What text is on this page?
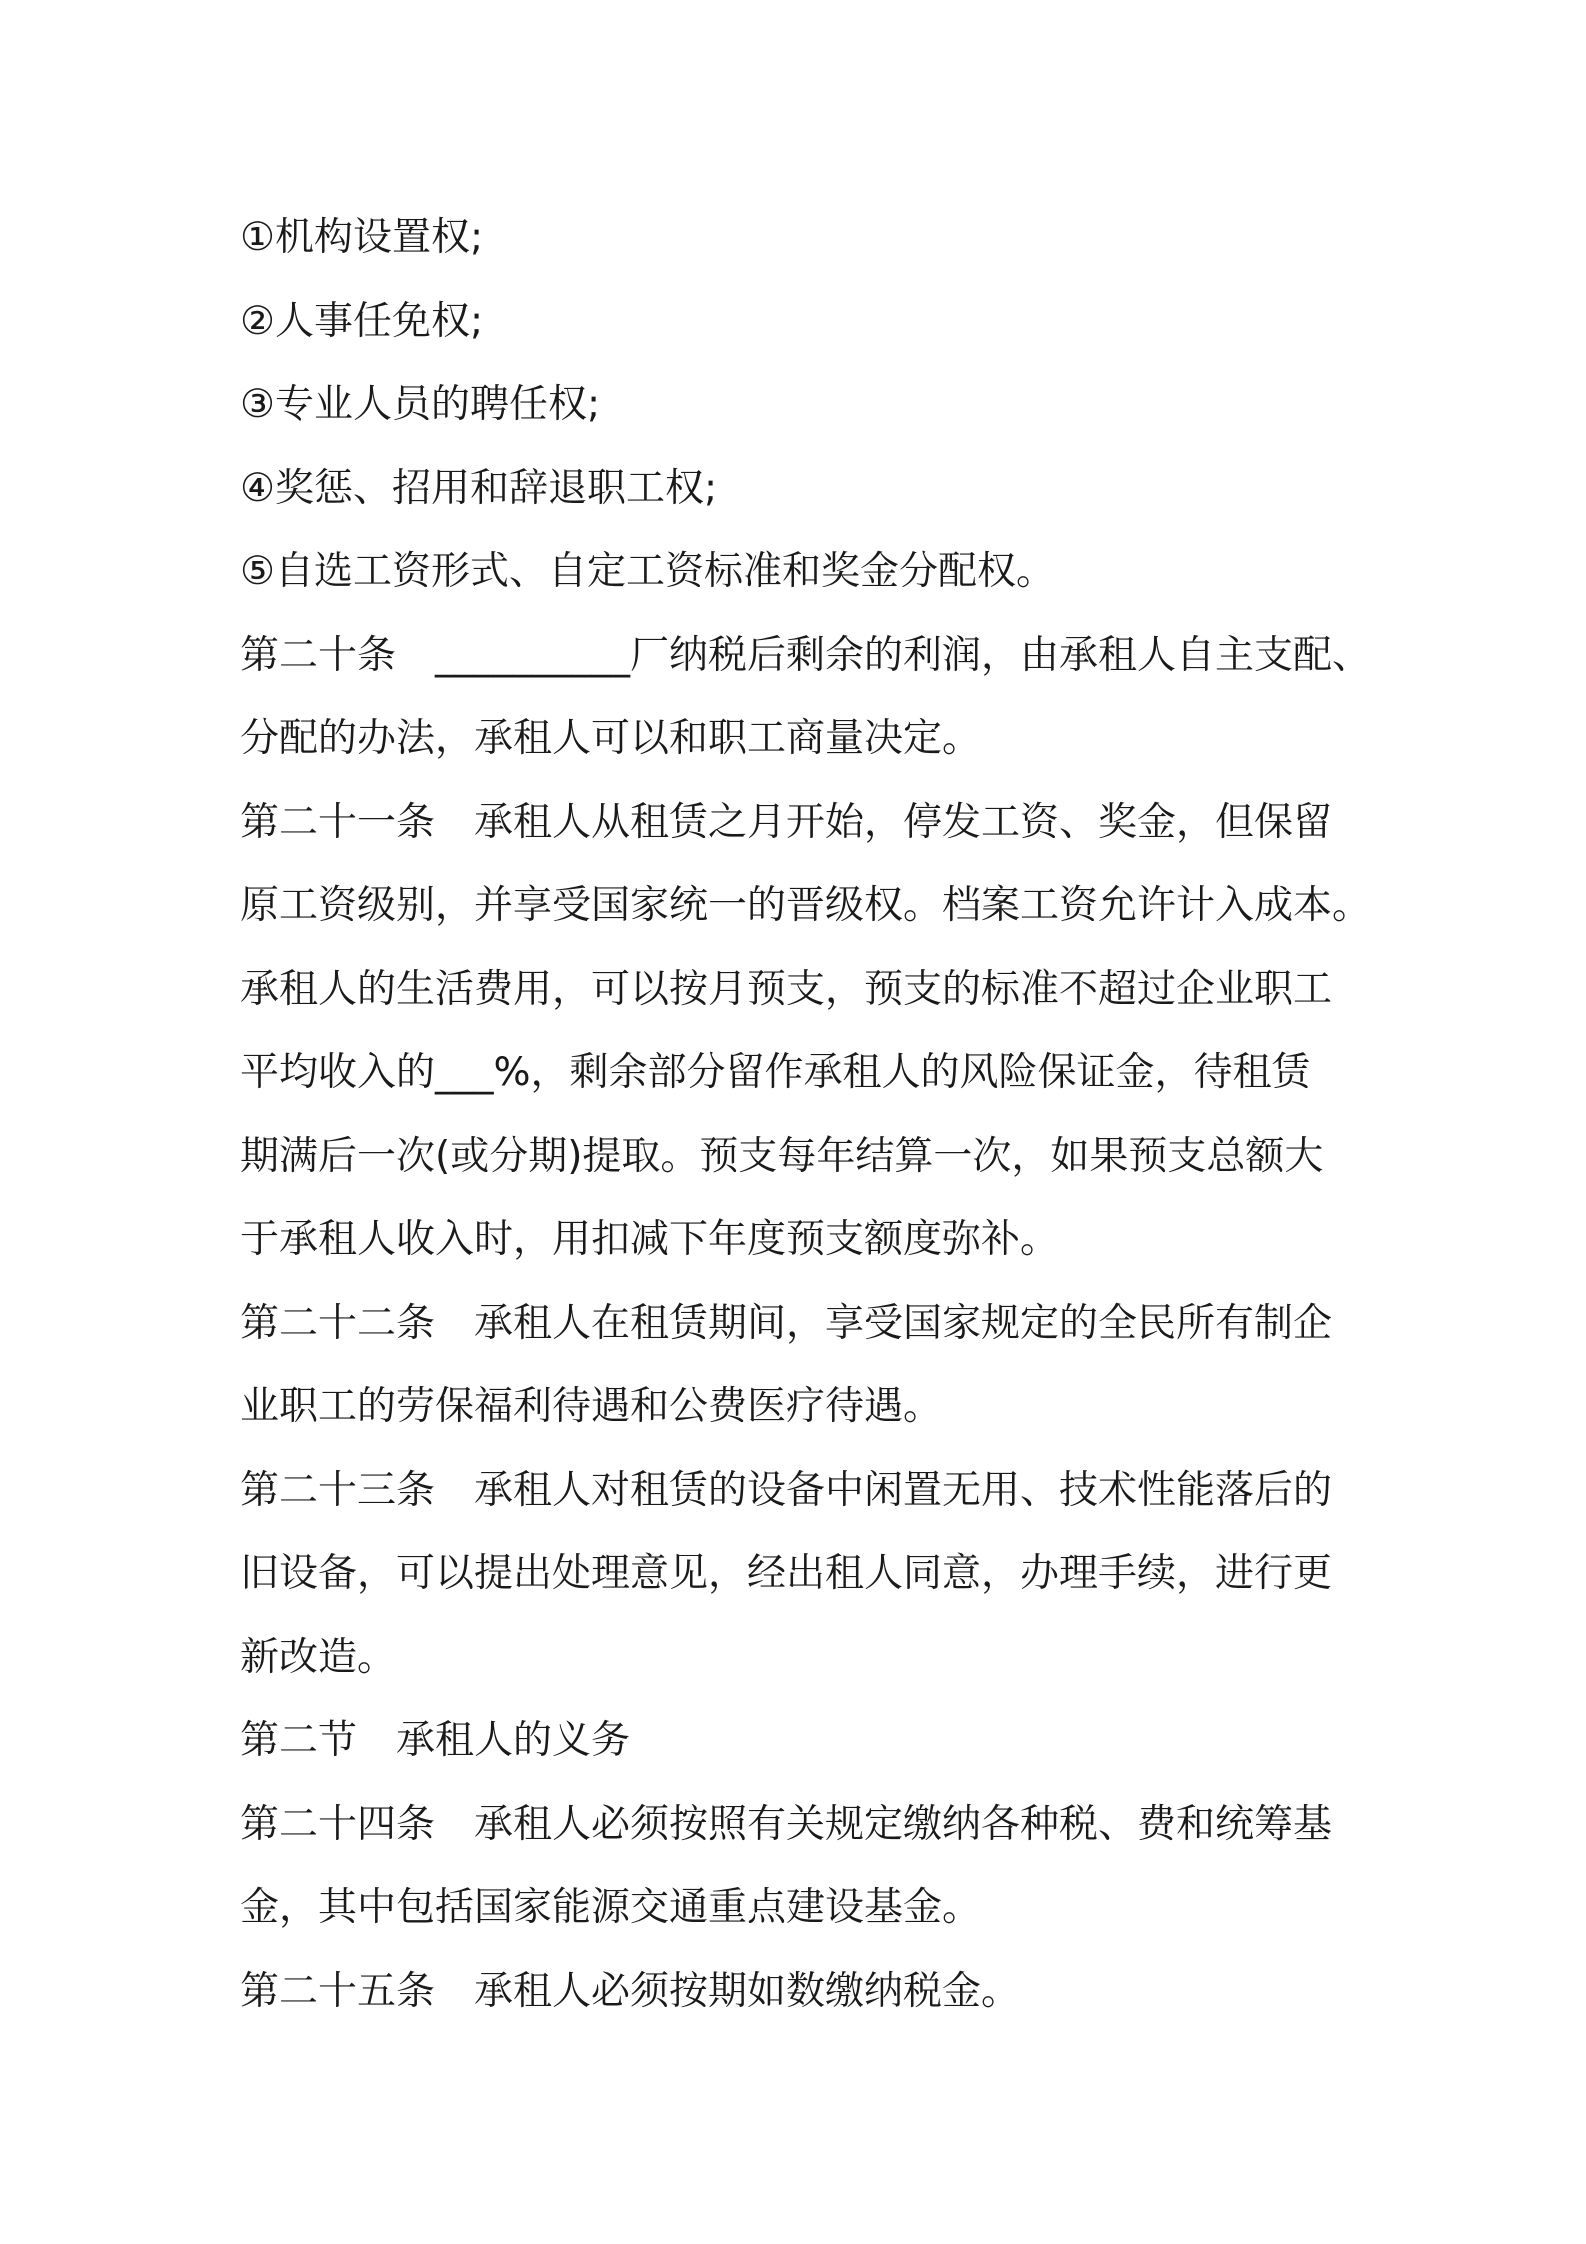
①机构设置权;
②人事任免权;
③专业人员的聘任权;
④奖惩、招用和辞退职工权;
⑤自选工资形式、自定工资标准和奖金分配权。
第二十条　__________厂纳税后剩余的利润，由承租人自主支配、
分配的办法，承租人可以和职工商量决定。
第二十一条　承租人从租赁之月开始，停发工资、奖金，但保留
原工资级别，并享受国家统一的晋级权。档案工资允许计入成本。
承租人的生活费用，可以按月预支，预支的标准不超过企业职工
平均收入的___%，剩余部分留作承租人的风险保证金，待租赁
期满后一次(或分期)提取。预支每年结算一次，如果预支总额大
于承租人收入时，用扣减下年度预支额度弥补。
第二十二条　承租人在租赁期间，享受国家规定的全民所有制企
业职工的劳保福利待遇和公费医疗待遇。
第二十三条　承租人对租赁的设备中闲置无用、技术性能落后的
旧设备，可以提出处理意见，经出租人同意，办理手续，进行更
新改造。
第二节　承租人的义务
第二十四条　承租人必须按照有关规定缴纳各种税、费和统筹基
金，其中包括国家能源交通重点建设基金。
第二十五条　承租人必须按期如数缴纳税金。
